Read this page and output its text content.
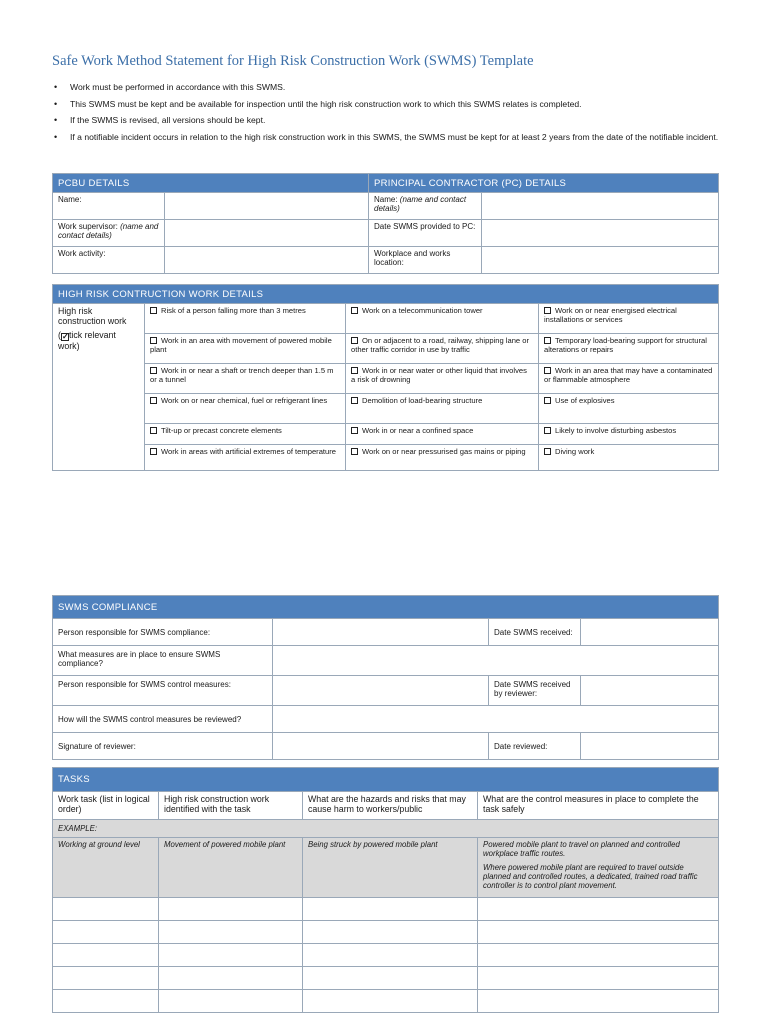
Safe Work Method Statement for High Risk Construction Work (SWMS) Template
• Work must be performed in accordance with this SWMS.
• This SWMS must be kept and be available for inspection until the high risk construction work to which this SWMS relates is completed.
• If the SWMS is revised, all versions should be kept.
• If a notifiable incident occurs in relation to the high risk construction work in this SWMS, the SWMS must be kept for at least 2 years from the date of the notifiable incident.
PCBU DETAILS		PRINCIPAL CONTRACTOR (PC) DETAILS	
Name:		Name: (name and contact details)	
Work supervisor: (name and contact details)		Date SWMS provided to PC:	
Work activity:		Workplace and works location:	
HIGH RISK CONTRUCTION WORK DETAILS			

High risk construction work
(✓tick relevant work)	Risk of a person falling more than 3 metres	Work on a telecommunication tower	Work on or near energised electrical installations or services
	Work in an area with movement of powered mobile plant	On or adjacent to a road, railway, shipping lane or other traffic corridor in use by traffic	Temporary load-bearing support for structural alterations or repairs
	Work in or near a shaft or trench deeper than 1.5 m or a tunnel	Work in or near water or other liquid that involves a risk of drowning	Work in an area that may have a contaminated or flammable atmosphere
	Work on or near chemical, fuel or refrigerant lines	Demolition of load-bearing structure	Use of explosives
	Tilt-up or precast concrete elements	Work in or near a confined space	Likely to involve disturbing asbestos
	Work in areas with artificial extremes of temperature	Work on or near pressurised gas mains or piping	Diving work
SWMS COMPLIANCE			
Person responsible for SWMS compliance:		Date SWMS received:	
What measures are in place to ensure SWMS compliance?			
Person responsible for SWMS control measures:		Date SWMS received by reviewer:	
How will the SWMS control measures be reviewed?			
Signature of reviewer:		Date reviewed:	
TASKS			
Work task (list in logical order)	High risk construction work identified with the task	What are the hazards and risks that may cause harm to workers/public	What are the control measures in place to complete the task safely
EXAMPLE:			
Working at ground level	Movement of powered mobile plant	Being struck by powered mobile plant	Powered mobile plant to travel on planned and controlled workplace traffic routes.

Where powered mobile plant are required to travel outside planned and controlled routes, a dedicated, trained road traffic controller is to control plant movement.
